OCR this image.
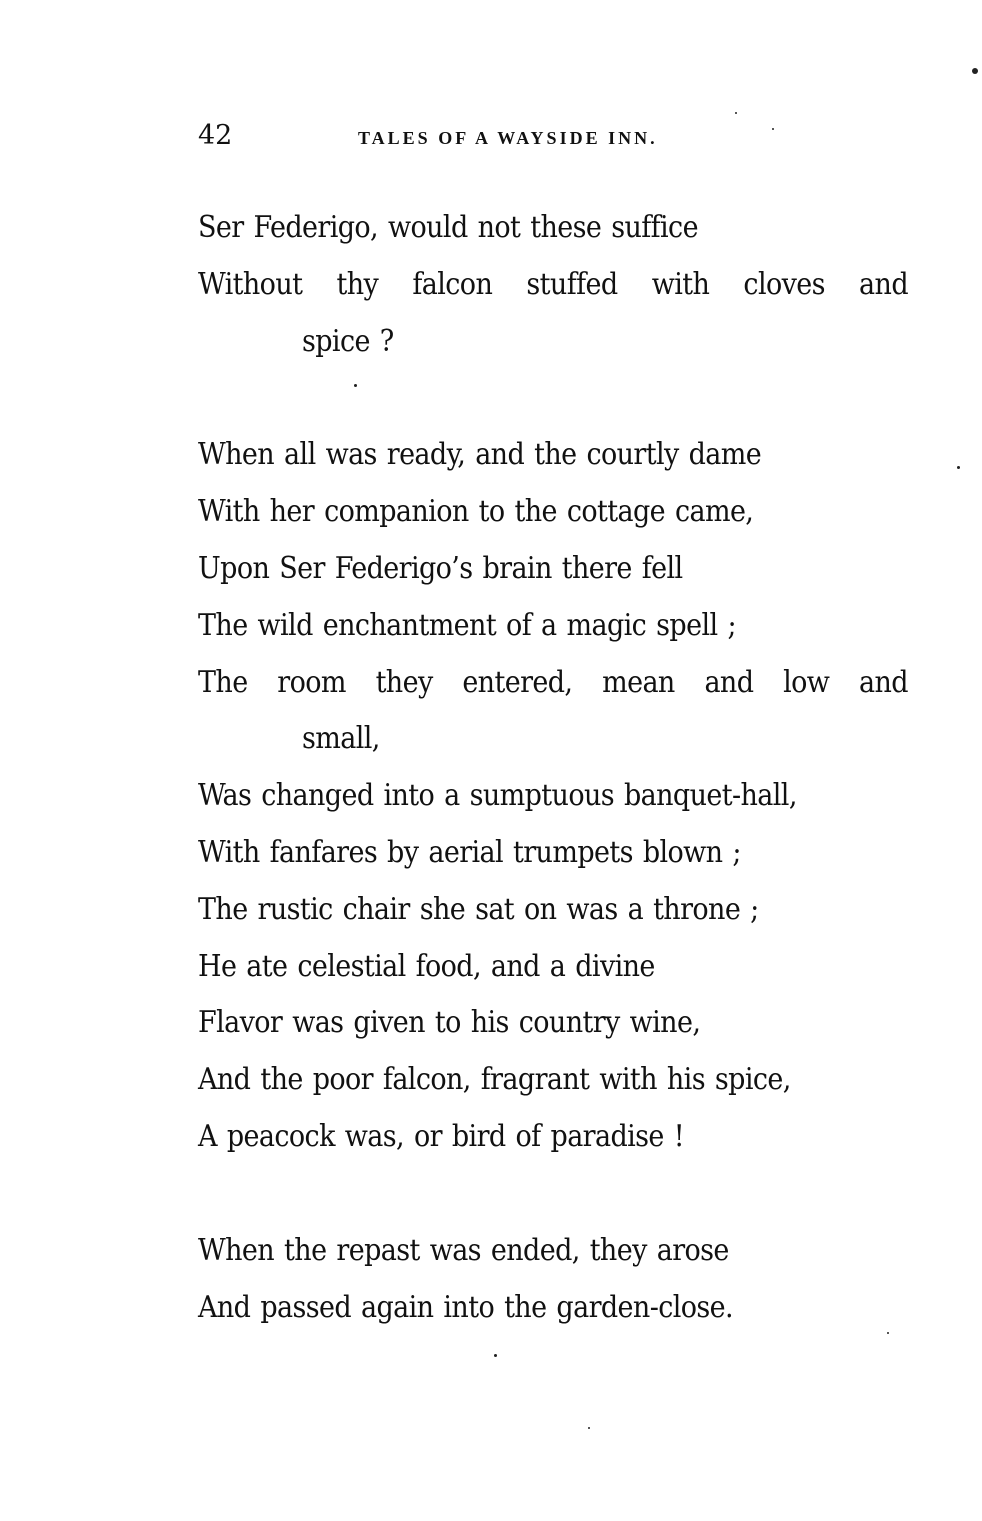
42	TALES OF A WAYSIDE INN.
Ser Federigo, would not these suffice
Without thy falcon stuffed with cloves and
spice ?
When all was ready, and the courtly dame
With her companion to the cottage came,
Upon Ser Federigo’s brain there fell
The wild enchantment of a magic spell ;
The room they entered, mean and low and
small,
Was changed into a sumptuous banquet-hall,
With fanfares by aerial trumpets blown ;
The rustic chair she sat on was a throne ;
He ate celestial food, and a divine
Flavor was given to his country wine,
And the poor falcon, fragrant with his spice,
A peacock was, or bird of paradise !
When the repast was ended, they arose
And passed again into the garden-close.
